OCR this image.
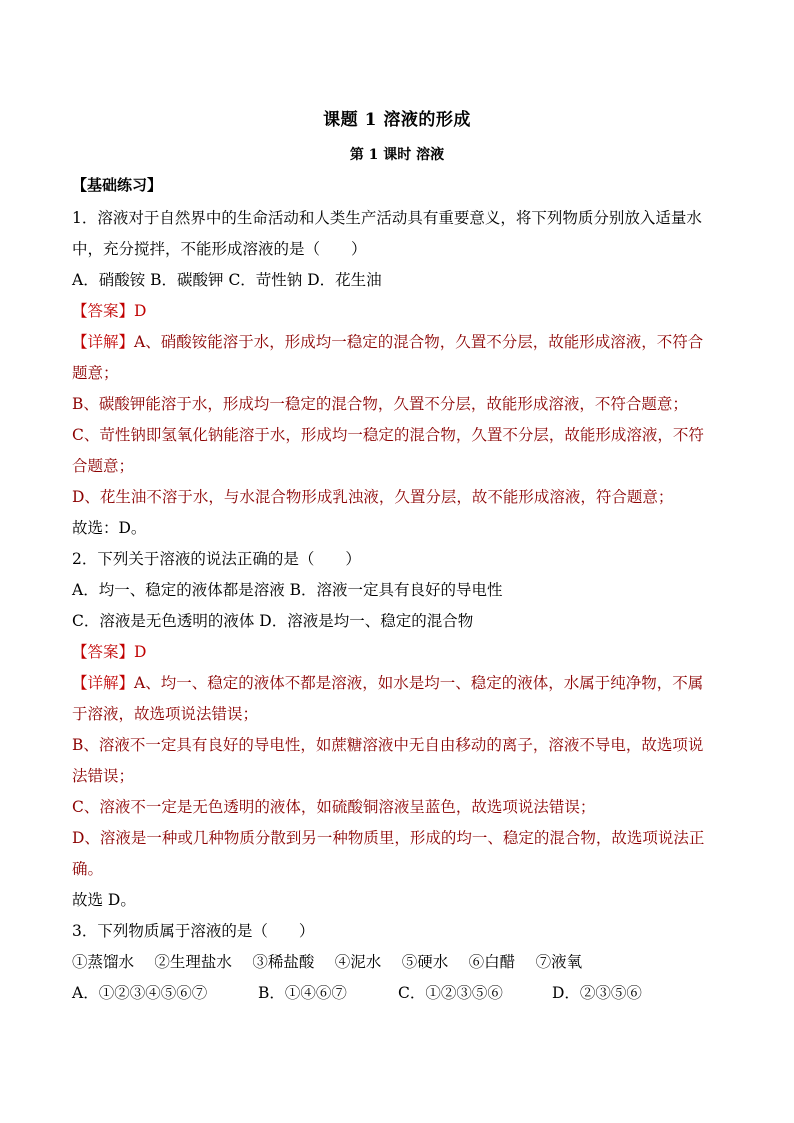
课题 1 溶液的形成
第 1 课时 溶液
【基础练习】
1．溶液对于自然界中的生命活动和人类生产活动具有重要意义，将下列物质分别放入适量水
中，充分搅拌，不能形成溶液的是（　　）
A．硝酸铵 B．碳酸钾 C．苛性钠 D．花生油
【答案】D
【详解】A、硝酸铵能溶于水，形成均一稳定的混合物，久置不分层，故能形成溶液，不符合
题意；
B、碳酸钾能溶于水，形成均一稳定的混合物，久置不分层，故能形成溶液，不符合题意；
C、苛性钠即氢氧化钠能溶于水，形成均一稳定的混合物，久置不分层，故能形成溶液，不符
合题意；
D、花生油不溶于水，与水混合物形成乳浊液，久置分层，故不能形成溶液，符合题意；
故选：D。
2．下列关于溶液的说法正确的是（　　）
A．均一、稳定的液体都是溶液 B．溶液一定具有良好的导电性
C．溶液是无色透明的液体 D．溶液是均一、稳定的混合物
【答案】D
【详解】A、均一、稳定的液体不都是溶液，如水是均一、稳定的液体，水属于纯净物，不属
于溶液，故选项说法错误；
B、溶液不一定具有良好的导电性，如蔗糖溶液中无自由移动的离子，溶液不导电，故选项说
法错误；
C、溶液不一定是无色透明的液体，如硫酸铜溶液呈蓝色，故选项说法错误；
D、溶液是一种或几种物质分散到另一种物质里，形成的均一、稳定的混合物，故选项说法正
确。
故选 D。
3．下列物质属于溶液的是（　　）
①蒸馏水　 ②生理盐水　 ③稀盐酸　 ④泥水　 ⑤硬水　 ⑥白醋　 ⑦液氧
A．①②③④⑤⑥⑦	B．①④⑥⑦	C．①②③⑤⑥	D．②③⑤⑥
